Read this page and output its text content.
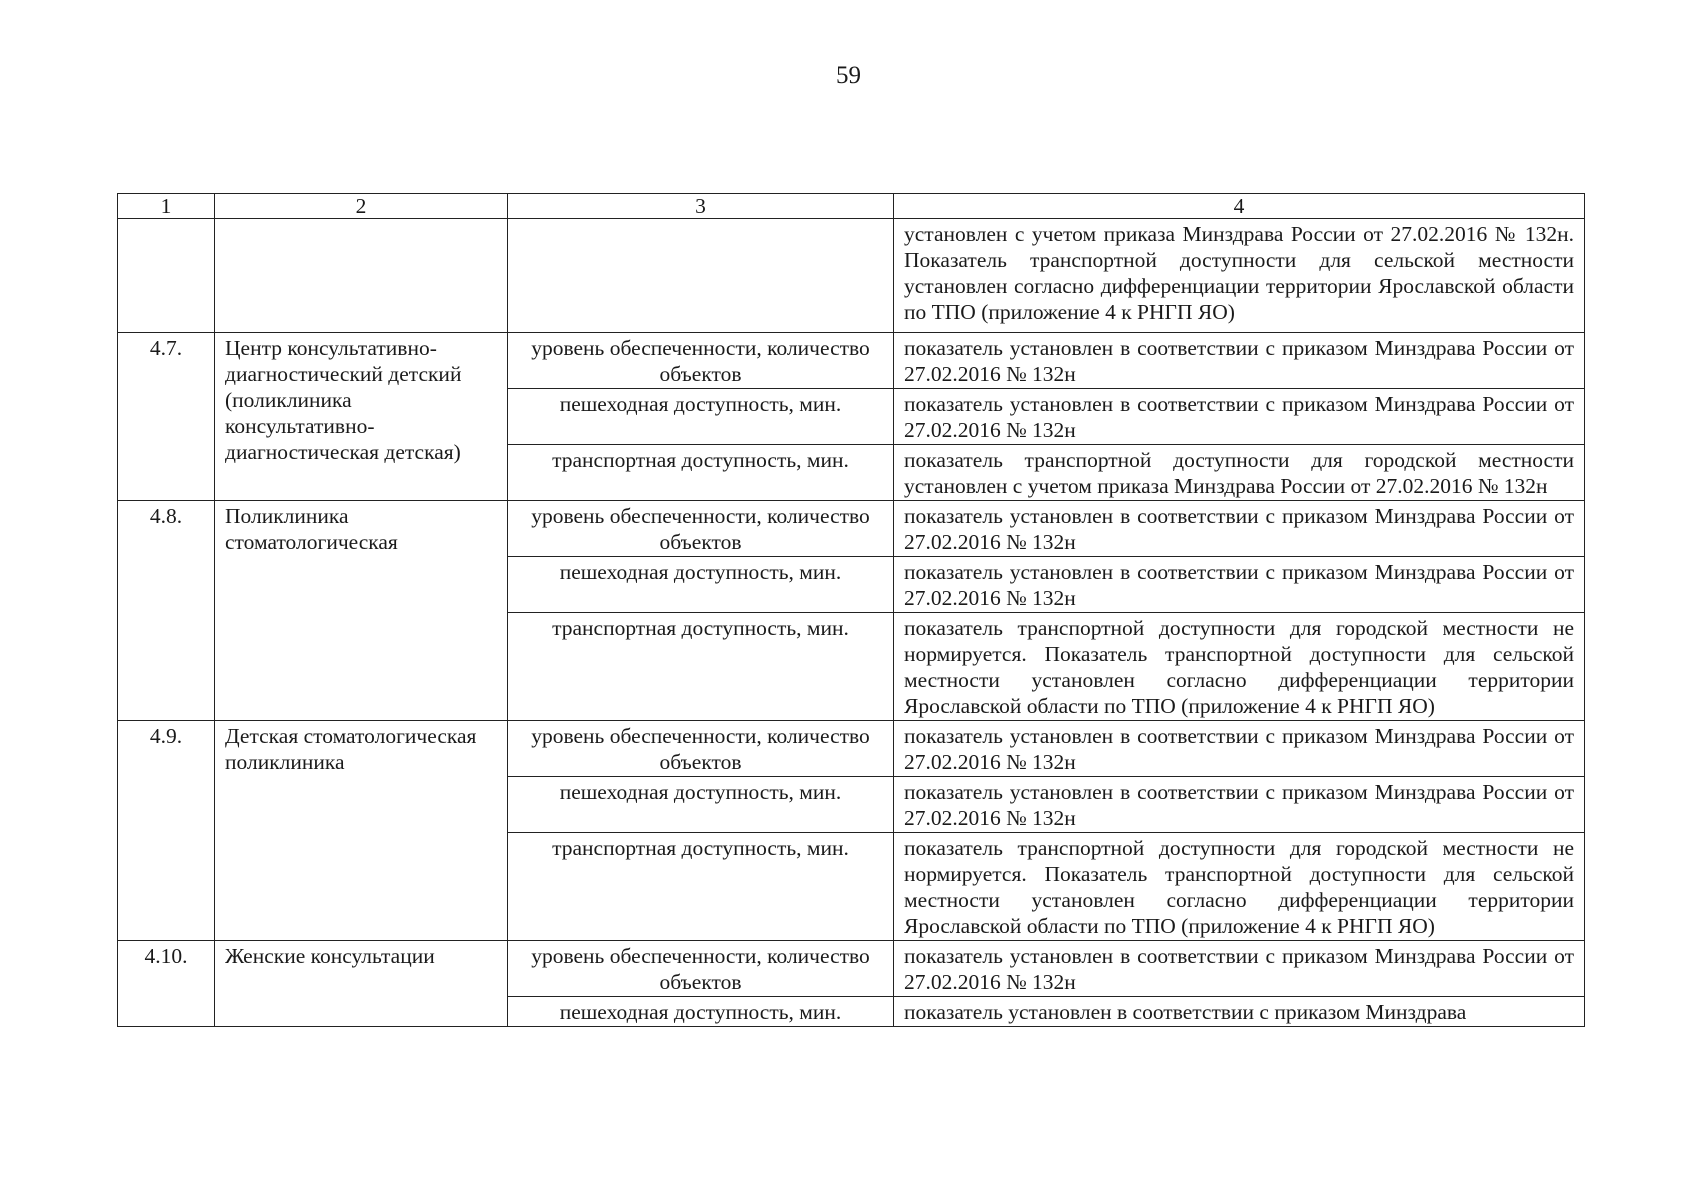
59
1	2	3	4
			установлен с учетом приказа Минздрава России от 27.02.2016 № 132н. Показатель транспортной доступности для сельской местности установлен согласно дифференциации территории Ярославской области по ТПО (приложение 4 к РНГП ЯО)
4.7.	Центр консультативно-диагностический детский (поликлиника консультативно-диагностическая детская)	уровень обеспеченности, количество объектов	показатель установлен в соответствии с приказом Минздрава России от 27.02.2016 № 132н
		пешеходная доступность, мин.	показатель установлен в соответствии с приказом Минздрава России от 27.02.2016 № 132н
		транспортная доступность, мин.	показатель транспортной доступности для городской местности установлен с учетом приказа Минздрава России от 27.02.2016 № 132н
4.8.	Поликлиника стоматологическая	уровень обеспеченности, количество объектов	показатель установлен в соответствии с приказом Минздрава России от 27.02.2016 № 132н
		пешеходная доступность, мин.	показатель установлен в соответствии с приказом Минздрава России от 27.02.2016 № 132н
		транспортная доступность, мин.	показатель транспортной доступности для городской местности не нормируется. Показатель транспортной доступности для сельской местности установлен согласно дифференциации территории Ярославской области по ТПО (приложение 4 к РНГП ЯО)
4.9.	Детская стоматологическая поликлиника	уровень обеспеченности, количество объектов	показатель установлен в соответствии с приказом Минздрава России от 27.02.2016 № 132н
		пешеходная доступность, мин.	показатель установлен в соответствии с приказом Минздрава России от 27.02.2016 № 132н
		транспортная доступность, мин.	показатель транспортной доступности для городской местности не нормируется. Показатель транспортной доступности для сельской местности установлен согласно дифференциации территории Ярославской области по ТПО (приложение 4 к РНГП ЯО)
4.10.	Женские консультации	уровень обеспеченности, количество объектов	показатель установлен в соответствии с приказом Минздрава России от 27.02.2016 № 132н
		пешеходная доступность, мин.	показатель установлен в соответствии с приказом Минздрава
